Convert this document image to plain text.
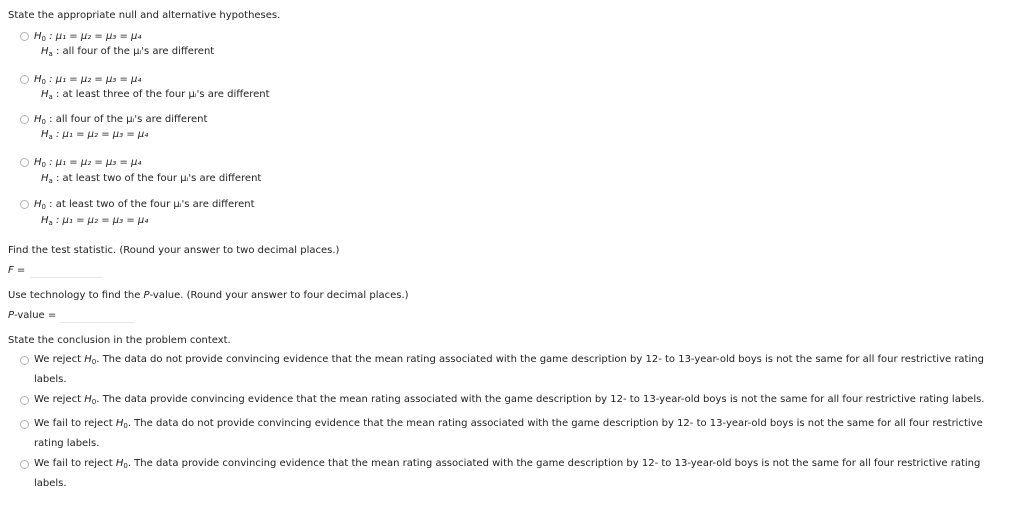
State the appropriate null and alternative hypotheses.
$H_0$ : μ₁ = μ₂ = μ₃ = μ₄
$H_a$ : all four of the μᵢ's are different
$H_0$ : μ₁ = μ₂ = μ₃ = μ₄
$H_a$ : at least three of the four μᵢ's are different
$H_0$ : all four of the μᵢ's are different
$H_a$ : μ₁ = μ₂ = μ₃ = μ₄
$H_0$ : μ₁ = μ₂ = μ₃ = μ₄
$H_a$ : at least two of the four μᵢ's are different
$H_0$ : at least two of the four μᵢ's are different
$H_a$ : μ₁ = μ₂ = μ₃ = μ₄
Find the test statistic. (Round your answer to two decimal places.)
F =
Use technology to find the P-value. (Round your answer to four decimal places.)
P-value =
State the conclusion in the problem context.
We reject $H_0$. The data do not provide convincing evidence that the mean rating associated with the game description by 12- to 13-year-old boys is not the same for all four restrictive rating labels.
We reject $H_0$. The data provide convincing evidence that the mean rating associated with the game description by 12- to 13-year-old boys is not the same for all four restrictive rating labels.
We fail to reject $H_0$. The data do not provide convincing evidence that the mean rating associated with the game description by 12- to 13-year-old boys is not the same for all four restrictive rating labels.
We fail to reject $H_0$. The data provide convincing evidence that the mean rating associated with the game description by 12- to 13-year-old boys is not the same for all four restrictive rating labels.
